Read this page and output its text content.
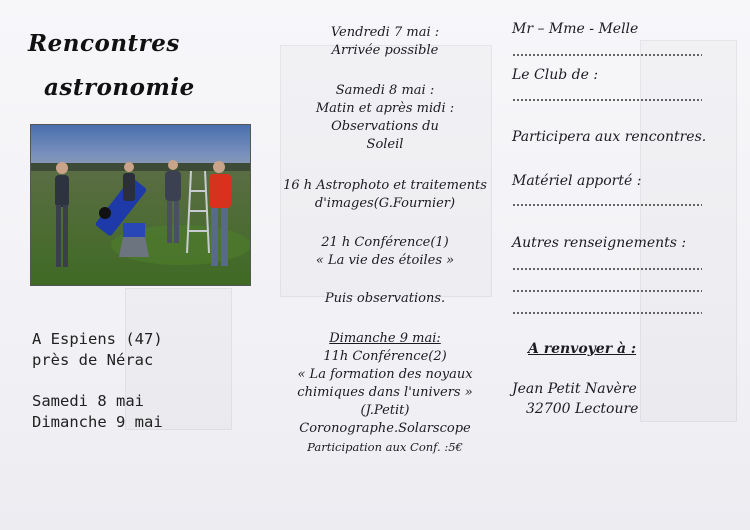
Rencontres
astronomie
A Espiens (47)
près de Nérac
Samedi 8 mai
Dimanche 9 mai
Vendredi 7 mai :
Arrivée possible
Samedi 8 mai :
Matin et après midi :
Observations du
Soleil
16 h Astrophoto et traitements
d'images(G.Fournier)
21 h Conférence(1)
« La vie des étoiles »
Puis observations.
Dimanche 9 mai:
11h Conférence(2)
« La formation des noyaux
chimiques dans l'univers »
(J.Petit)
Coronographe.Solarscope
Participation aux Conf. :5€
Mr – Mme - Melle
Le Club de :
Participera aux rencontres.
Matériel apporté :
Autres renseignements :
A renvoyer à :
Jean Petit Navère
32700 Lectoure
